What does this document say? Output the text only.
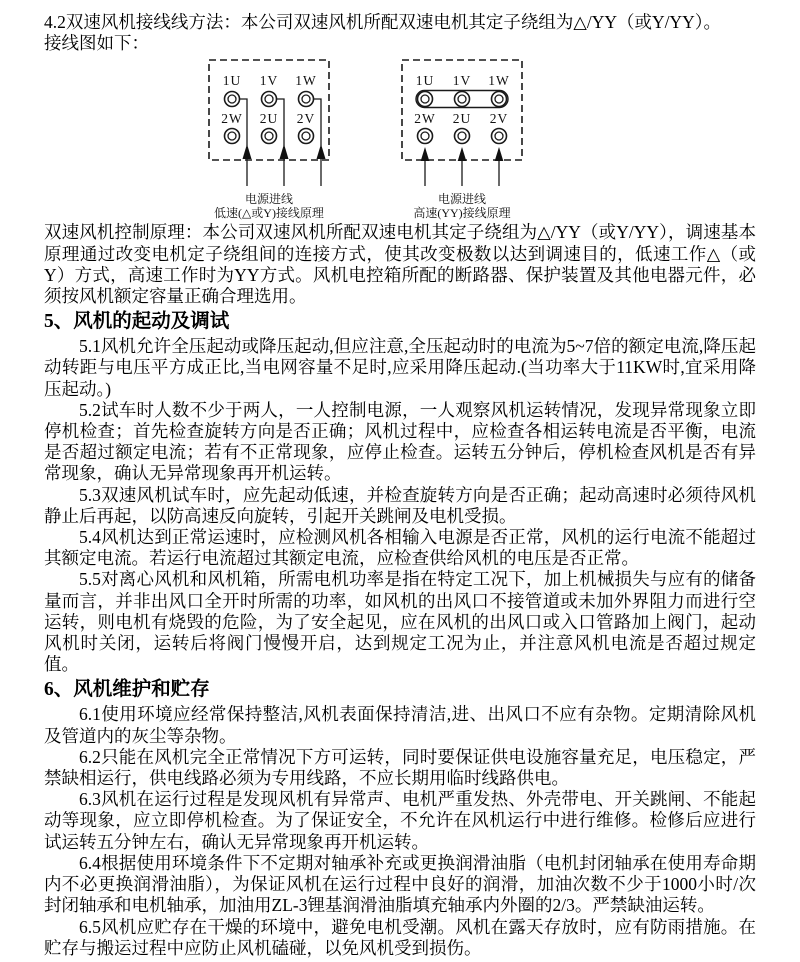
4.2双速风机接线线方法：本公司双速风机所配双速电机其定子绕组为△/YY（或Y/YY）。
接线图如下：
1U 1V 1W
2W 2U 2V
电源进线
低速(△或Y)接线原理
1U 1V 1W
2W 2U 2V
电源进线
高速(YY)接线原理
双速风机控制原理：本公司双速风机所配双速电机其定子绕组为△/YY（或Y/YY），调速基本原理通过改变电机定子绕组间的连接方式，使其改变极数以达到调速目的，低速工作△（或Y）方式，高速工作时为YY方式。风机电控箱所配的断路器、保护装置及其他电器元件，必须按风机额定容量正确合理选用。
5、风机的起动及调试
5.1风机允许全压起动或降压起动,但应注意,全压起动时的电流为5~7倍的额定电流,降压起动转距与电压平方成正比,当电网容量不足时,应采用降压起动.(当功率大于11KW时,宜采用降压起动。)
5.2试车时人数不少于两人，一人控制电源，一人观察风机运转情况，发现异常现象立即停机检查；首先检查旋转方向是否正确；风机过程中，应检查各相运转电流是否平衡，电流是否超过额定电流；若有不正常现象，应停止检查。运转五分钟后，停机检查风机是否有异常现象，确认无异常现象再开机运转。
5.3双速风机试车时，应先起动低速，并检查旋转方向是否正确；起动高速时必须待风机静止后再起，以防高速反向旋转，引起开关跳闸及电机受损。
5.4风机达到正常运速时，应检测风机各相输入电源是否正常，风机的运行电流不能超过其额定电流。若运行电流超过其额定电流，应检查供给风机的电压是否正常。
5.5对离心风机和风机箱，所需电机功率是指在特定工况下，加上机械损失与应有的储备量而言，并非出风口全开时所需的功率，如风机的出风口不接管道或未加外界阻力而进行空运转，则电机有烧毁的危险，为了安全起见，应在风机的出风口或入口管路加上阀门，起动风机时关闭，运转后将阀门慢慢开启，达到规定工况为止，并注意风机电流是否超过规定值。
6、风机维护和贮存
6.1使用环境应经常保持整洁,风机表面保持清洁,进、出风口不应有杂物。定期清除风机及管道内的灰尘等杂物。
6.2只能在风机完全正常情况下方可运转，同时要保证供电设施容量充足，电压稳定，严禁缺相运行，供电线路必须为专用线路，不应长期用临时线路供电。
6.3风机在运行过程是发现风机有异常声、电机严重发热、外壳带电、开关跳闸、不能起动等现象，应立即停机检查。为了保证安全，不允许在风机运行中进行维修。检修后应进行试运转五分钟左右，确认无异常现象再开机运转。
6.4根据使用环境条件下不定期对轴承补充或更换润滑油脂（电机封闭轴承在使用寿命期内不必更换润滑油脂），为保证风机在运行过程中良好的润滑，加油次数不少于1000小时/次封闭轴承和电机轴承，加油用ZL-3锂基润滑油脂填充轴承内外圈的2/3。严禁缺油运转。
6.5风机应贮存在干燥的环境中，避免电机受潮。风机在露天存放时，应有防雨措施。在贮存与搬运过程中应防止风机磕碰，以免风机受到损伤。
